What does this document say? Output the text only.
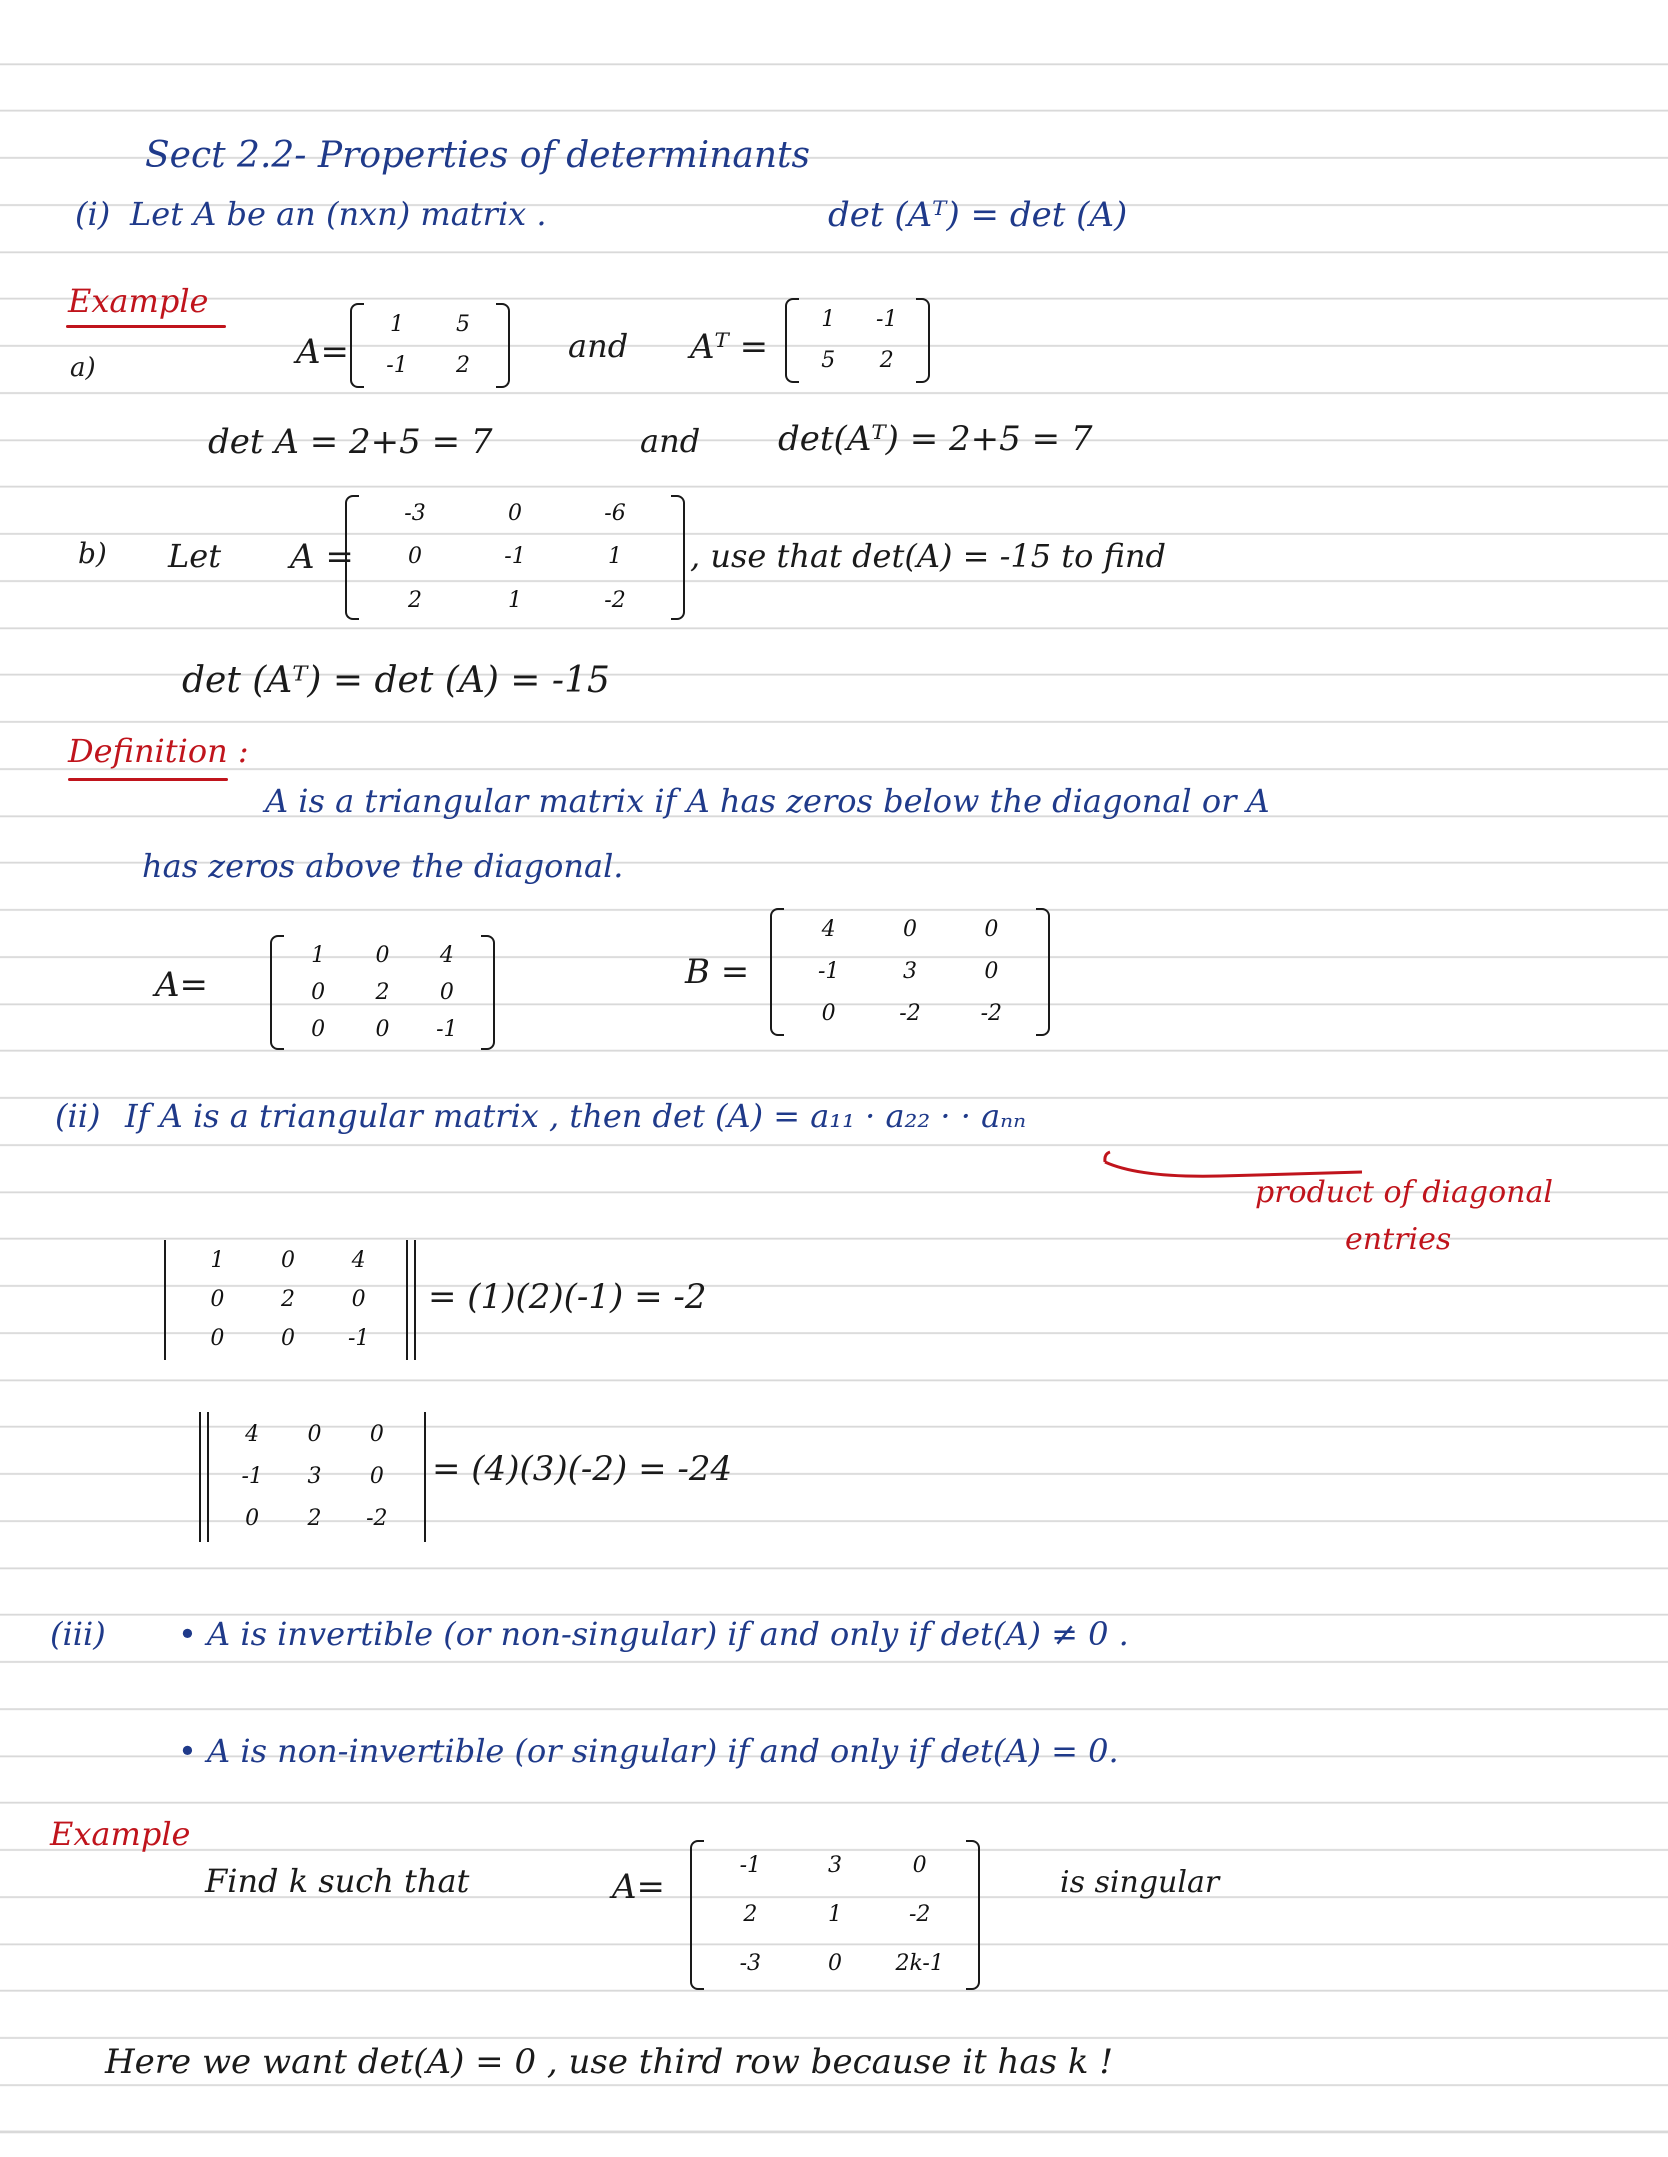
Sect 2.2- Properties of determinants
(i) Let A be an (nxn) matrix .	det (Aᵀ) = det (A)
Example
a)	A=
1	5
-1	2
and Aᵀ =
1	-1
5	2
det A = 2+5 = 7	and det(Aᵀ) = 2+5 = 7
b) Let A =
-3	0	-6
0	-1	1
2	1	-2
, use that det(A) = -15 to find
det (Aᵀ) = det (A) = -15
Definition :
A is a triangular matrix if A has zeros below the diagonal or A
has zeros above the diagonal.
A=
1	0	4
0	2	0
0	0	-1
B =
4	0	0
-1	3	0
0	-2	-2
(ii) If A is a triangular matrix , then det (A) = a₁₁ · a₂₂ · · aₙₙ
product of diagonal
entries
1	0	4
0	2	0
0	0	-1
= (1)(2)(-1) = -2
4	0	0
-1	3	0
0	2	-2
= (4)(3)(-2) = -24
(iii) • A is invertible (or non-singular) if and only if det(A) ≠ 0 .
• A is non-invertible (or singular) if and only if det(A) = 0.
Example
Find k such that	A=
-1	3	0
2	1	-2
-3	0	2k-1
is singular
Here we want det(A) = 0 , use third row because it has k !
